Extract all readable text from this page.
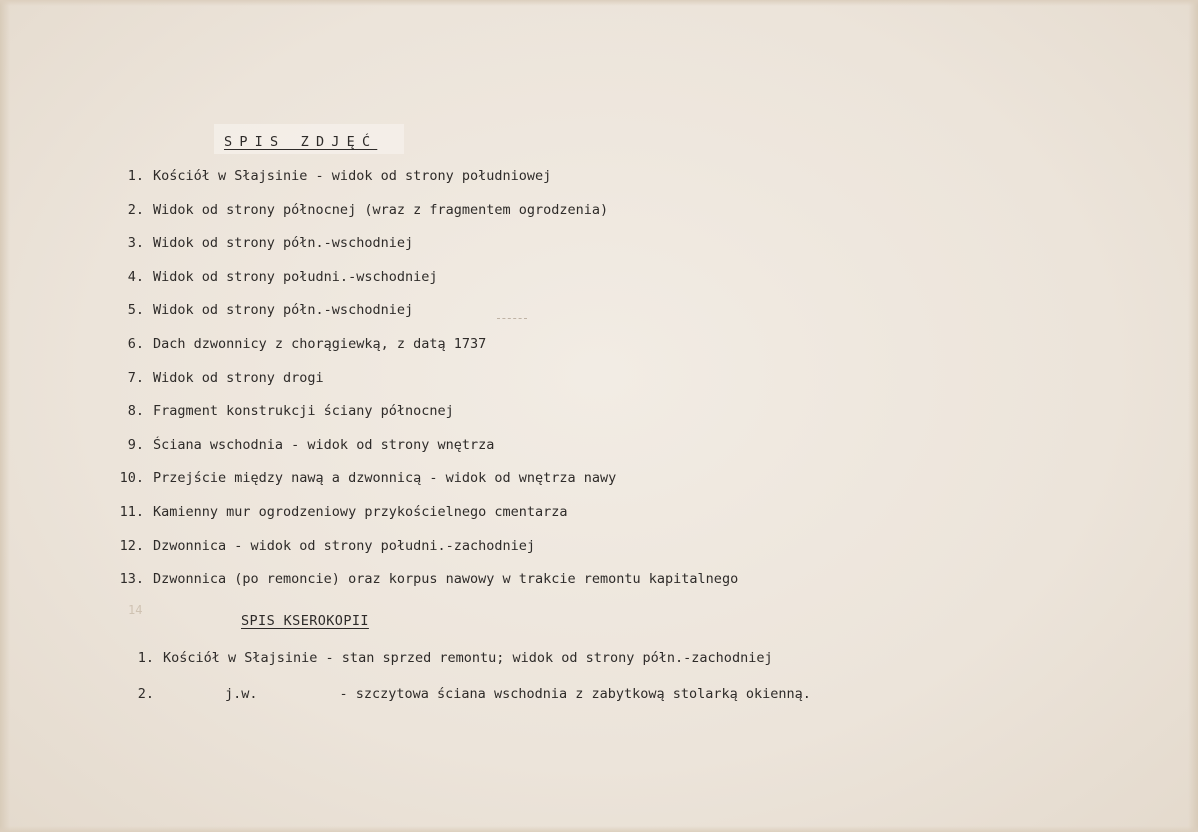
SPIS ZDJĘĆ
1. Kościół w Słajsinie - widok od strony południowej
2. Widok od strony północnej (wraz z fragmentem ogrodzenia)
3. Widok od strony półn.-wschodniej
4. Widok od strony południ.-wschodniej
5. Widok od strony półn.-wschodniej
6. Dach dzwonnicy z chorągiewką, z datą 1737
7. Widok od strony drogi
8. Fragment konstrukcji ściany północnej
9. Ściana wschodnia - widok od strony wnętrza
10. Przejście między nawą a dzwonnicą - widok od wnętrza nawy
11. Kamienny mur ogrodzeniowy przykościelnego cmentarza
12. Dzwonnica - widok od strony południ.-zachodniej
13. Dzwonnica (po remoncie) oraz korpus nawowy w trakcie remontu kapitalnego
14
SPIS KSEROKOPII
1. Kościół w Słajsinie - stan sprzed remontu; widok od strony półn.-zachodniej
2.	j.w.	- szczytowa ściana wschodnia z zabytkową stolarką okienną.
